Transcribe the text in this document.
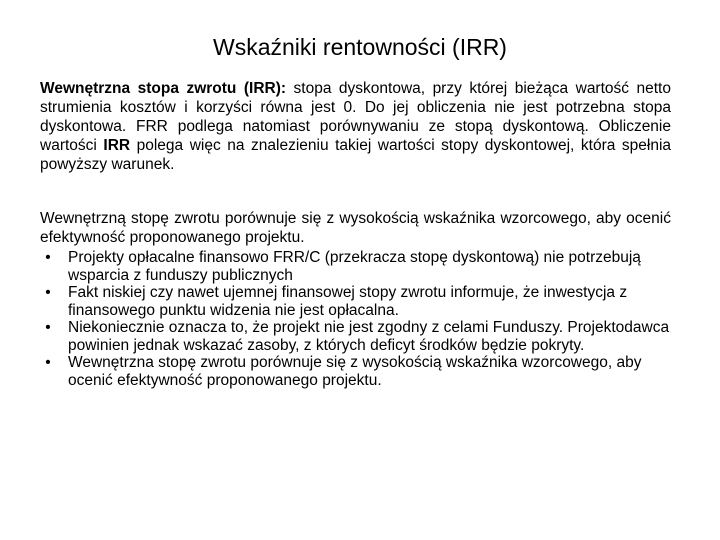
Wskaźniki rentowności (IRR)

Wewnętrzna stopa zwrotu (IRR): stopa dyskontowa, przy której bieżąca wartość netto strumienia kosztów i korzyści równa jest 0. Do jej obliczenia nie jest potrzebna stopa dyskontowa. FRR podlega natomiast porównywaniu ze stopą dyskontową. Obliczenie wartości IRR polega więc na znalezieniu takiej wartości stopy dyskontowej, która spełnia powyższy warunek.

Wewnętrzną stopę zwrotu porównuje się z wysokością wskaźnika wzorcowego, aby ocenić efektywność proponowanego projektu.

• Projekty opłacalne finansowo FRR/C (przekracza stopę dyskontową) nie potrzebują wsparcia z funduszy publicznych
• Fakt niskiej czy nawet ujemnej finansowej stopy zwrotu informuje, że inwestycja z finansowego punktu widzenia nie jest opłacalna.
• Niekoniecznie oznacza to, że projekt nie jest zgodny z celami Funduszy. Projektodawca powinien jednak wskazać zasoby, z których deficyt środków będzie pokryty.
• Wewnętrzna stopę zwrotu porównuje się z wysokością wskaźnika wzorcowego, aby ocenić efektywność proponowanego projektu.
